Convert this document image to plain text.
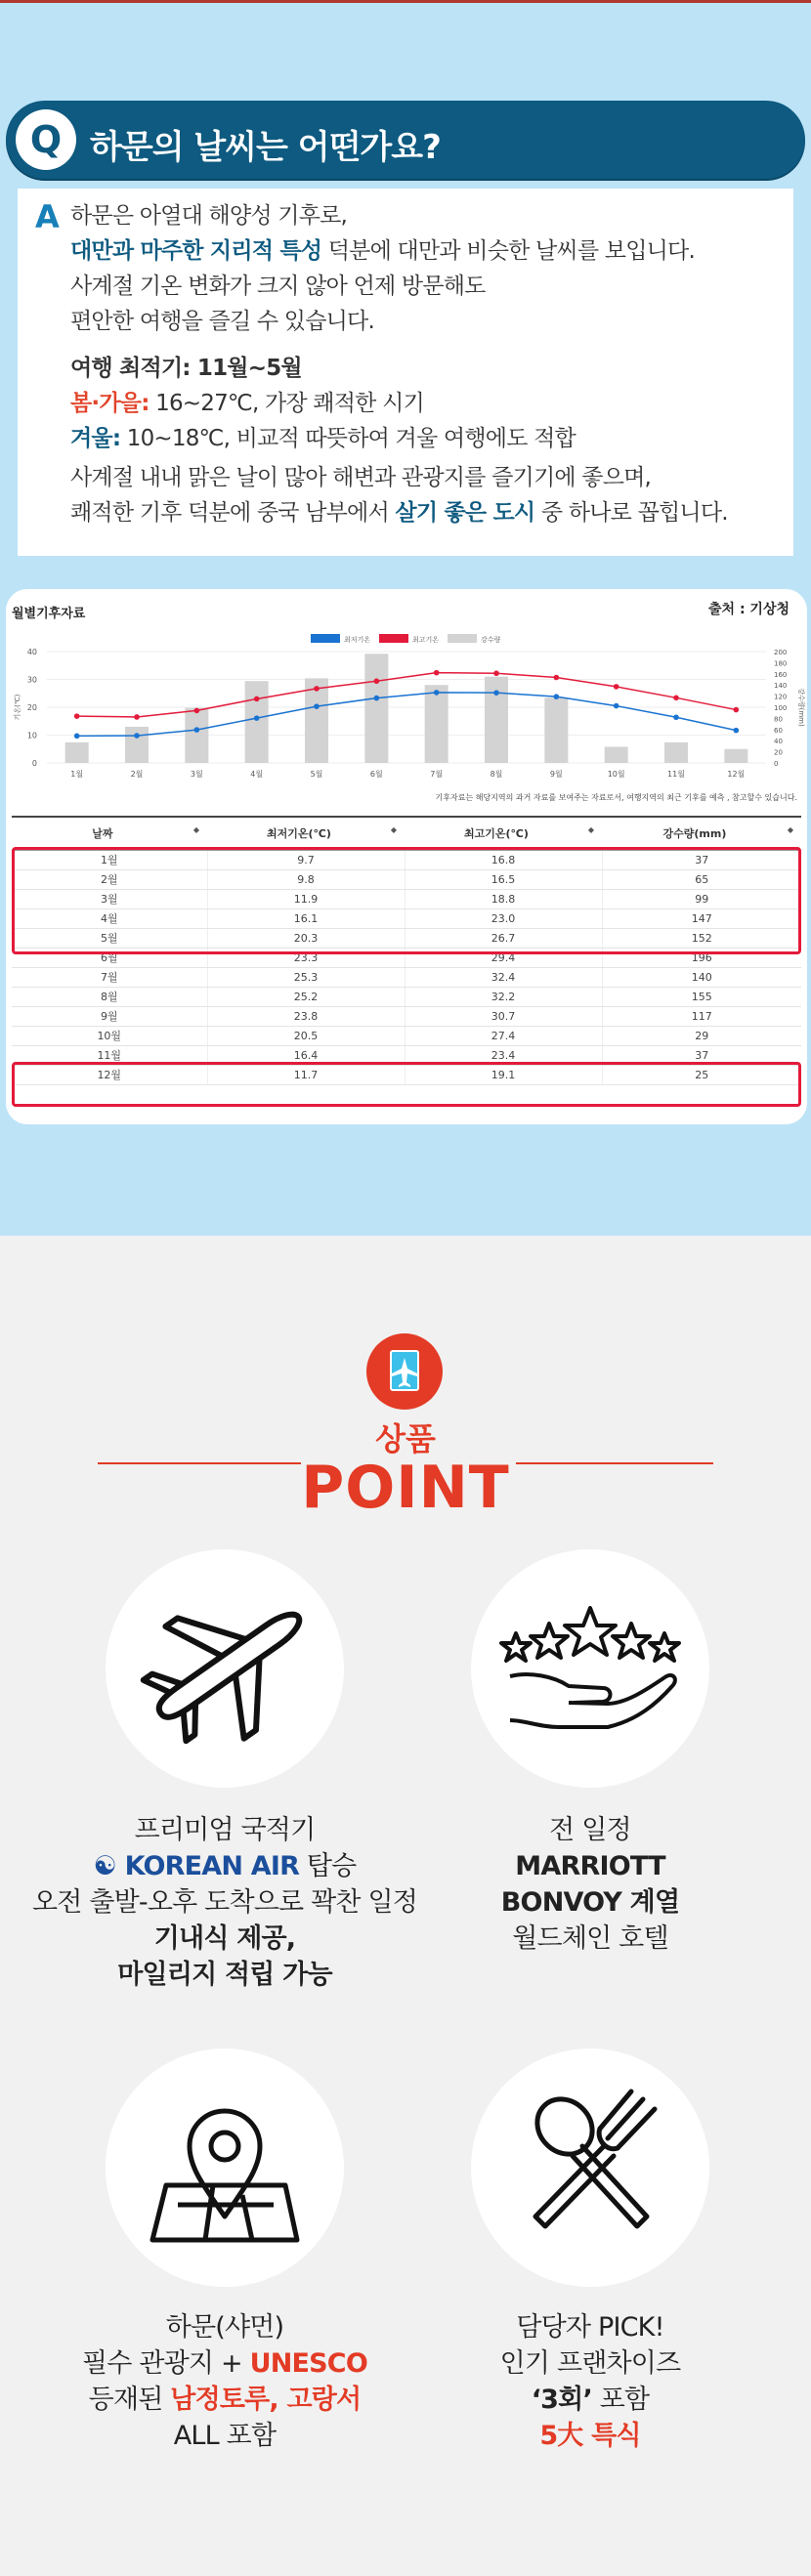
Q 하문의 날씨는 어떤가요?
A 하문은 아열대 해양성 기후로,
대만과 마주한 지리적 특성 덕분에 대만과 비슷한 날씨를 보입니다.
사계절 기온 변화가 크지 않아 언제 방문해도
편안한 여행을 즐길 수 있습니다.
여행 최적기: 11월~5월
봄·가을: 16~27℃, 가장 쾌적한 시기
겨울: 10~18℃, 비교적 따뜻하여 겨울 여행에도 적합
사계절 내내 맑은 날이 많아 해변과 관광지를 즐기기에 좋으며,
쾌적한 기후 덕분에 중국 남부에서 살기 좋은 도시 중 하나로 꼽힙니다.
월별기후자료	출처 : 기상청
40
30
20
10
0
200
180
160
140
120
100
80
60
40
20
0
기온(℃)	강수량(mm)
1월	2월	3월	4월	5월	6월	7월	8월	9월	10월	11월	12월
최저기온	최고기온	강수량
기후자료는 해당지역의 과거 자료를 보여주는 자료로서, 여행지역의 최근 기후를 예측 , 참고할수 있습니다.
날짜 ◆	최저기온(℃) ◆	최고기온(℃) ◆	강수량(mm) ◆

1월	9.7	16.8	37
2월	9.8	16.5	65
3월	11.9	18.8	99
4월	16.1	23.0	147
5월	20.3	26.7	152
6월	23.3	29.4	196
7월	25.3	32.4	140
8월	25.2	32.2	155
9월	23.8	30.7	117
10월	20.5	27.4	29
11월	16.4	23.4	37
12월	11.7	19.1	25
상품
POINT
프리미엄 국적기
☯ KOREAN AIR 탑승
오전 출발-오후 도착으로 꽉찬 일정
기내식 제공,
마일리지 적립 가능
전 일정
MARRIOTT
BONVOY 계열
월드체인 호텔
하문(샤먼)
필수 관광지 + UNESCO
등재된 남정토루, 고랑서
ALL 포함
담당자 PICK!
인기 프랜차이즈
‘3회’ 포함
5大 특식
